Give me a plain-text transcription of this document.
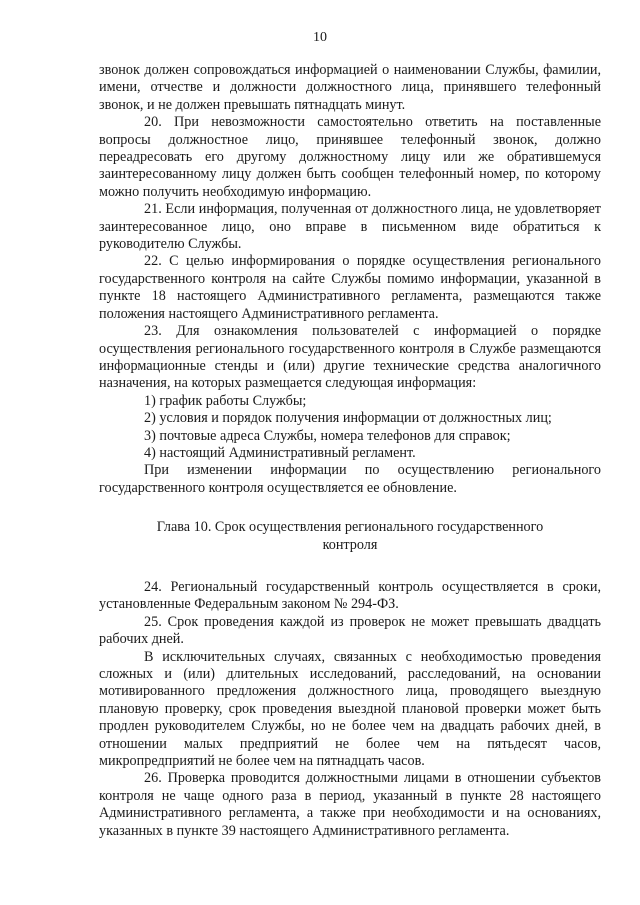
10

звонок должен сопровождаться информацией о наименовании Службы, фамилии, имени, отчестве и должности должностного лица, принявшего телефонный звонок, и не должен превышать пятнадцать минут.

20. При невозможности самостоятельно ответить на поставленные вопросы должностное лицо, принявшее телефонный звонок, должно переадресовать его другому должностному лицу или же обратившемуся заинтересованному лицу должен быть сообщен телефонный номер, по которому можно получить необходимую информацию.

21. Если информация, полученная от должностного лица, не удовлетворяет заинтересованное лицо, оно вправе в письменном виде обратиться к руководителю Службы.

22. С целью информирования о порядке осуществления регионального государственного контроля на сайте Службы помимо информации, указанной в пункте 18 настоящего Административного регламента, размещаются также положения настоящего Административного регламента.

23. Для ознакомления пользователей с информацией о порядке осуществления регионального государственного контроля в Службе размещаются информационные стенды и (или) другие технические средства аналогичного назначения, на которых размещается следующая информация:

1) график работы Службы;

2) условия и порядок получения информации от должностных лиц;

3) почтовые адреса Службы, номера телефонов для справок;

4) настоящий Административный регламент.

При изменении информации по осуществлению регионального государственного контроля осуществляется ее обновление.

Глава 10. Срок осуществления регионального государственного контроля

24. Региональный государственный контроль осуществляется в сроки, установленные Федеральным законом № 294-ФЗ.

25. Срок проведения каждой из проверок не может превышать двадцать рабочих дней.

В исключительных случаях, связанных с необходимостью проведения сложных и (или) длительных исследований, расследований, на основании мотивированного предложения должностного лица, проводящего выездную плановую проверку, срок проведения выездной плановой проверки может быть продлен руководителем Службы, но не более чем на двадцать рабочих дней, в отношении малых предприятий не более чем на пятьдесят часов, микропредприятий не более чем на пятнадцать часов.

26. Проверка проводится должностными лицами в отношении субъектов контроля не чаще одного раза в период, указанный в пункте 28 настоящего Административного регламента, а также при необходимости и на основаниях, указанных в пункте 39 настоящего Административного регламента.
